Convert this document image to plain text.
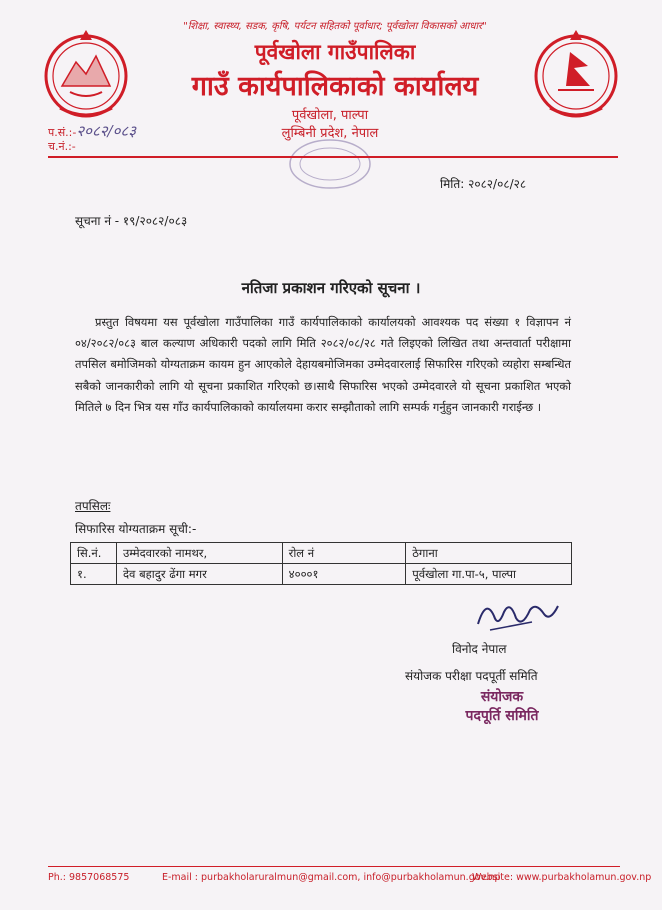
"शिक्षा, स्वास्थ्य, सडक, कृषि, पर्यटन सहितको पूर्वाधार; पूर्वखोला विकासको आधार"
पूर्वखोला गाउँपालिका
गाउँ कार्यपालिकाको कार्यालय
पूर्वखोला, पाल्पा
लुम्बिनी प्रदेश, नेपाल
प.सं.:-२०८२/०८३
च.नं.:-
मिति: २०८२/०८/२८
सूचना नं - १९/२०८२/०८३
नतिजा प्रकाशन गरिएको सूचना ।

प्रस्तुत विषयमा यस पूर्वखोला गाउँपालिका गाउँ कार्यपालिकाको कार्यालयको आवश्यक पद संख्या १ विज्ञापन नं ०४/२०८२/०८३ बाल कल्याण अधिकारी पदको लागि मिति २०८२/०८/२८ गते लिइएको लिखित तथा अन्तवार्ता परीक्षामा तपसिल बमोजिमको योग्यताक्रम कायम हुन आएकोले देहायबमोजिमका उम्मेदवारलाई सिफारिस गरिएको व्यहोरा सम्बन्धित सबैको जानकारीको लागि यो सूचना प्रकाशित गरिएको छ।साथै सिफारिस भएको उम्मेदवारले यो सूचना प्रकाशित भएको मितिले ७ दिन भित्र यस गाँउ कार्यपालिकाको कार्यालयमा करार सम्झौताको लागि सम्पर्क गर्नुहुन जानकारी गराईन्छ ।

तपसिलः
सिफारिस योग्यताक्रम सूची:-
सि.नं.	उम्मेदवारको नामथर,	रोल नं	ठेगाना
१.	देव बहादुर ढेंगा मगर	४०००१	पूर्वखोला गा.पा-५, पाल्पा
विनोद नेपाल
संयोजक परीक्षा पदपूर्ती समिति
संयोजक
पदपूर्ति समिति
Ph.: 9857068575	E-mail : purbakholaruralmun@gmail.com, info@purbakholamun.gov.np
Website: www.purbakholamun.gov.np
